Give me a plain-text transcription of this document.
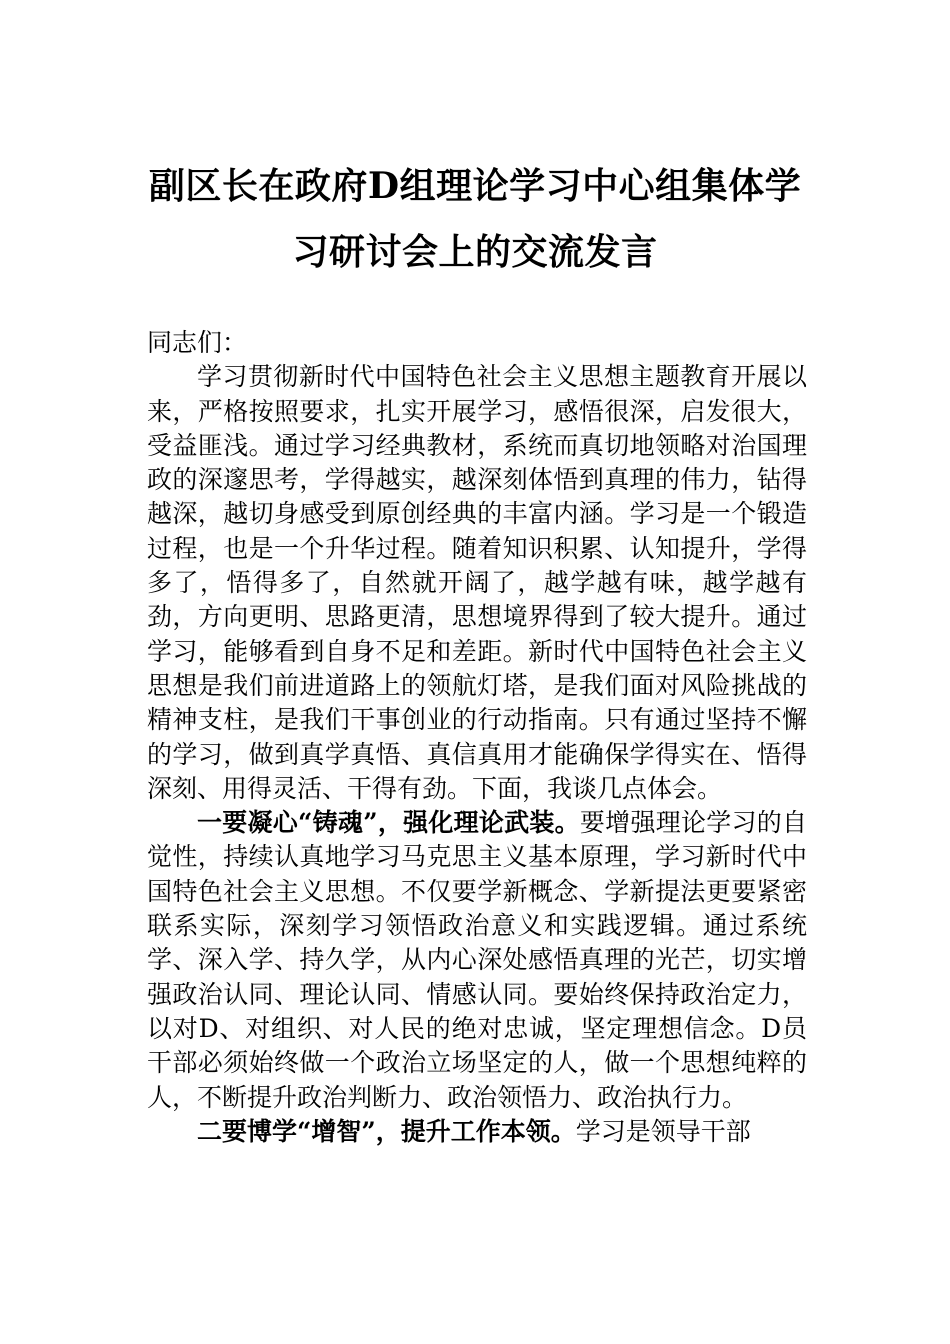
副区长在政府D组理论学习中心组集体学
习研讨会上的交流发言

同志们：

学习贯彻新时代中国特色社会主义思想主题教育开展以来，严格按照要求，扎实开展学习，感悟很深，启发很大，受益匪浅。通过学习经典教材，系统而真切地领略对治国理政的深邃思考，学得越实，越深刻体悟到真理的伟力，钻得越深，越切身感受到原创经典的丰富内涵。学习是一个锻造过程，也是一个升华过程。随着知识积累、认知提升，学得多了，悟得多了，自然就开阔了，越学越有味，越学越有劲，方向更明、思路更清，思想境界得到了较大提升。通过学习，能够看到自身不足和差距。新时代中国特色社会主义思想是我们前进道路上的领航灯塔，是我们面对风险挑战的精神支柱，是我们干事创业的行动指南。只有通过坚持不懈的学习，做到真学真悟、真信真用才能确保学得实在、悟得深刻、用得灵活、干得有劲。下面，我谈几点体会。

一要凝心“铸魂”，强化理论武装。要增强理论学习的自觉性，持续认真地学习马克思主义基本原理，学习新时代中国特色社会主义思想。不仅要学新概念、学新提法更要紧密联系实际，深刻学习领悟政治意义和实践逻辑。通过系统学、深入学、持久学，从内心深处感悟真理的光芒，切实增强政治认同、理论认同、情感认同。要始终保持政治定力，以对D、对组织、对人民的绝对忠诚，坚定理想信念。D员干部必须始终做一个政治立场坚定的人，做一个思想纯粹的人，不断提升政治判断力、政治领悟力、政治执行力。

二要博学“增智”，提升工作本领。学习是领导干部
